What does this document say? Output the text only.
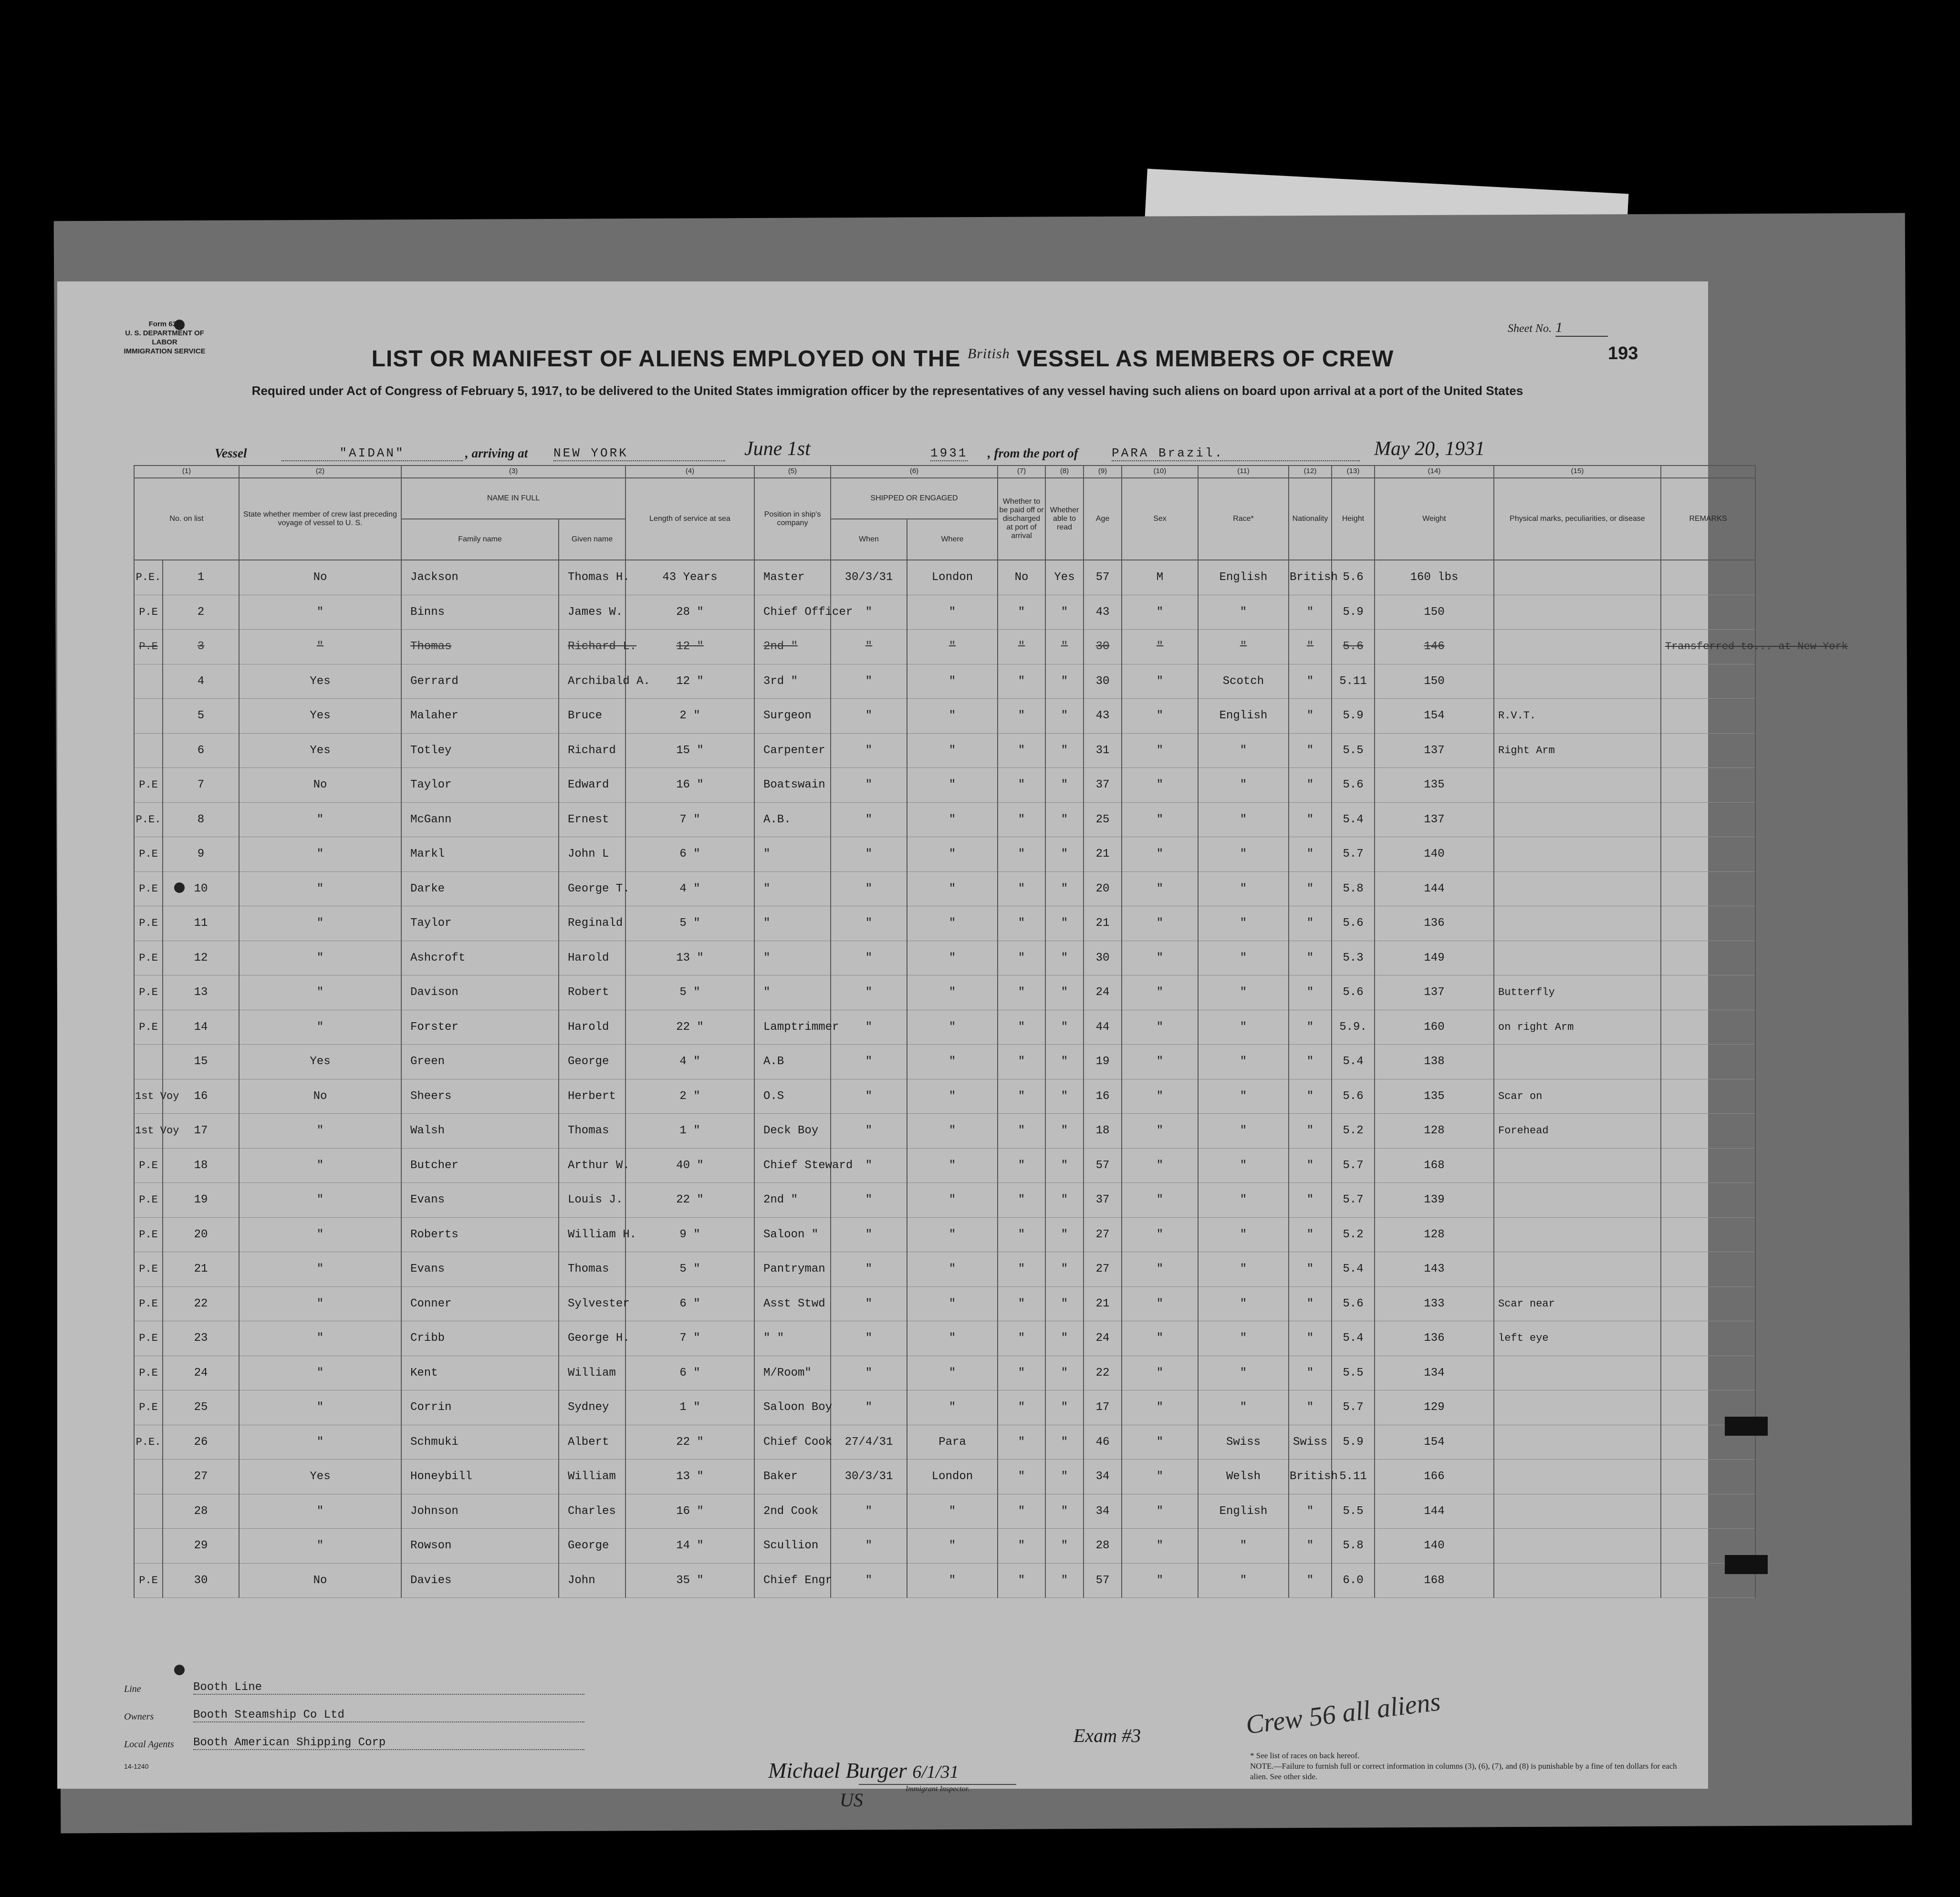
Form 630
U. S. DEPARTMENT OF LABOR
IMMIGRATION SERVICE
Sheet No. 1
193
LIST OR MANIFEST OF ALIENS EMPLOYED ON THE $^{British}$ VESSEL AS MEMBERS OF CREW
Required under Act of Congress of February 5, 1917, to be delivered to the United States immigration officer by the representatives of any vessel having such aliens on board upon arrival at a port of the United States
Vessel	"AIDAN"	, arriving at NEW YORK	June 1st	1931 , from the port of	PARA Brazil.	May 20, 1931
(1)		(2)	(3)		(4)	(5)	(6)		(7)	(8)	(9)	(10)	(11)	(12)	(13)	(14)	(15)	
No. on list		State whether member of crew last preceding voyage of vessel to U. S.	NAME IN FULL		Length of service at sea	Position in ship's company	SHIPPED OR ENGAGED		Whether to be paid off or discharged at port of arrival	Whether able to read	Age	Sex	Race*	Nationality	Height	Weight	Physical marks, peculiarities, or disease	REMARKS
			Family name	Given name			When	Where										
P.E.	1	No	Jackson	Thomas H.	43 Years	Master	30/3/31	London	No	Yes	57	M	English	British	5.6	160 lbs		
P.E	2	"	Binns	James W.	28 "	Chief Officer	"	"	"	"	43	"	"	"	5.9	150		
P.E	3	"	Thomas	Richard L.	12 "	2nd "	"	"	"	"	30	"	"	"	5.6	146		Transferred to... at New York
	4	Yes	Gerrard	Archibald A.	12 "	3rd "	"	"	"	"	30	"	Scotch	"	5.11	150		
	5	Yes	Malaher	Bruce	2 "	Surgeon	"	"	"	"	43	"	English	"	5.9	154	R.V.T.	
	6	Yes	Totley	Richard	15 "	Carpenter	"	"	"	"	31	"	"	"	5.5	137	Right Arm	
P.E	7	No	Taylor	Edward	16 "	Boatswain	"	"	"	"	37	"	"	"	5.6	135		
P.E.	8	"	McGann	Ernest	7 "	A.B.	"	"	"	"	25	"	"	"	5.4	137		
P.E	9	"	Markl	John L	6 "	"	"	"	"	"	21	"	"	"	5.7	140		
P.E	10	"	Darke	George T.	4 "	"	"	"	"	"	20	"	"	"	5.8	144		
P.E	11	"	Taylor	Reginald	5 "	"	"	"	"	"	21	"	"	"	5.6	136		
P.E	12	"	Ashcroft	Harold	13 "	"	"	"	"	"	30	"	"	"	5.3	149		
P.E	13	"	Davison	Robert	5 "	"	"	"	"	"	24	"	"	"	5.6	137	Butterfly	
P.E	14	"	Forster	Harold	22 "	Lamptrimmer	"	"	"	"	44	"	"	"	5.9.	160	on right Arm	
	15	Yes	Green	George	4 "	A.B	"	"	"	"	19	"	"	"	5.4	138		
1st Voy	16	No	Sheers	Herbert	2 "	O.S	"	"	"	"	16	"	"	"	5.6	135	Scar on	
1st Voy	17	"	Walsh	Thomas	1 "	Deck Boy	"	"	"	"	18	"	"	"	5.2	128	Forehead	
P.E	18	"	Butcher	Arthur W.	40 "	Chief Steward	"	"	"	"	57	"	"	"	5.7	168		
P.E	19	"	Evans	Louis J.	22 "	2nd "	"	"	"	"	37	"	"	"	5.7	139		
P.E	20	"	Roberts	William H.	9 "	Saloon "	"	"	"	"	27	"	"	"	5.2	128		
P.E	21	"	Evans	Thomas	5 "	Pantryman	"	"	"	"	27	"	"	"	5.4	143		
P.E	22	"	Conner	Sylvester	6 "	Asst Stwd	"	"	"	"	21	"	"	"	5.6	133	Scar near	
P.E	23	"	Cribb	George H.	7 "	" "	"	"	"	"	24	"	"	"	5.4	136	left eye	
P.E	24	"	Kent	William	6 "	M/Room"	"	"	"	"	22	"	"	"	5.5	134		
P.E	25	"	Corrin	Sydney	1 "	Saloon Boy	"	"	"	"	17	"	"	"	5.7	129		
P.E.	26	"	Schmuki	Albert	22 "	Chief Cook	27/4/31	Para	"	"	46	"	Swiss	Swiss	5.9	154		
	27	Yes	Honeybill	William	13 "	Baker	30/3/31	London	"	"	34	"	Welsh	British	5.11	166		
	28	"	Johnson	Charles	16 "	2nd Cook	"	"	"	"	34	"	English	"	5.5	144		
	29	"	Rowson	George	14 "	Scullion	"	"	"	"	28	"	"	"	5.8	140		
P.E	30	No	Davies	John	35 "	Chief Engr	"	"	"	"	57	"	"	"	6.0	168		
Line	Booth Line
Owners	Booth Steamship Co Ltd
Local Agents Booth American Shipping Corp
14-1240	Michael Burger 6/1/31
US
Immigrant Inspector.
Exam #3	Crew 56 all aliens
* See list of races on back hereof.
NOTE.—Failure to furnish full or correct information in columns (3), (6), (7), and (8) is punishable by a fine of ten dollars for each alien. See other side.
